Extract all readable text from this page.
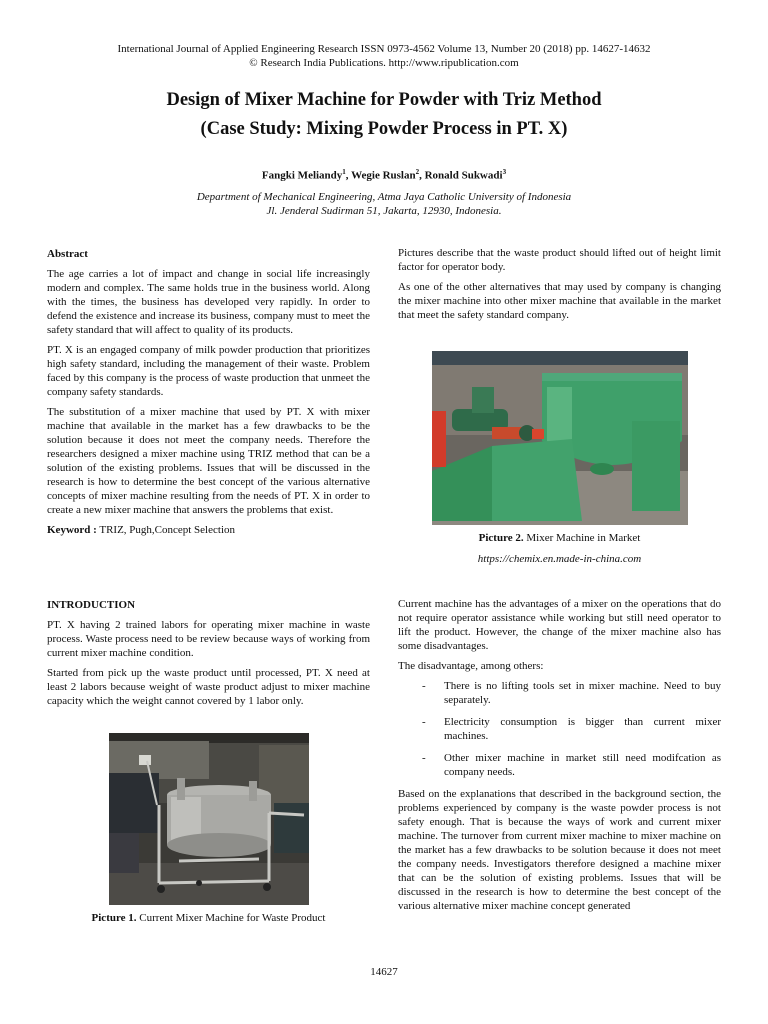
International Journal of Applied Engineering Research ISSN 0973-4562 Volume 13, Number 20 (2018) pp. 14627-14632
© Research India Publications. http://www.ripublication.com
Design of Mixer Machine for Powder with Triz Method
(Case Study: Mixing Powder Process in PT. X)
Fangki Meliandy$^1$, Wegie Ruslan$^2$, Ronald Sukwadi$^3$
Department of Mechanical Engineering, Atma Jaya Catholic University of Indonesia
Jl. Jenderal Sudirman 51, Jakarta, 12930, Indonesia.
Abstract

The age carries a lot of impact and change in social life increasingly modern and complex. The same holds true in the business world. Along with the times, the business has developed very rapidly. In order to defend the existence and increase its business, company must to meet the safety standard that will affect to quality of its products.

PT. X is an engaged company of milk powder production that prioritizes high safety standard, including the management of their waste. Problem faced by this company is the process of waste production that unmeet the company safety standards.

The substitution of a mixer machine that used by PT. X with mixer machine that available in the market has a few drawbacks to be the solution because it does not meet the company needs. Therefore the researchers designed a mixer machine using TRIZ method that can be a solution of the existing problems. Issues that will be discussed in the research is how to determine the best concept of the various alternative concepts of mixer machine resulting from the needs of PT. X in order to create a new mixer machine that answers the problems that exist.

Keyword : TRIZ, Pugh,Concept Selection

INTRODUCTION

PT. X having 2 trained labors for operating mixer machine in waste process. Waste process need to be review because ways of working from current mixer machine condition.

Started from pick up the waste product until processed, PT. X need at least 2 labors because weight of waste product adjust to mixer machine capacity which the weight cannot covered by 1 labor only.

Picture 1. Current Mixer Machine for Waste Product

Pictures describe that the waste product should lifted out of height limit factor for operator body.

As one of the other alternatives that may used by company is changing the mixer machine into other mixer machine that available in the market that meet the safety standard company.

Picture 2. Mixer Machine in Market
https://chemix.en.made-in-china.com

Current machine has the advantages of a mixer on the operations that do not require operator assistance while working but still need operator to lift the product. However, the change of the mixer machine also has some disadvantages.

The disadvantage, among others:

- There is no lifting tools set in mixer machine. Need to buy separately.
- Electricity consumption is bigger than current mixer machines.
- Other mixer machine in market still need modifcation as company needs.

Based on the explanations that described in the background section, the problems experienced by company is the waste powder process is not safety enough. That is because the ways of work and current mixer machine. The turnover from current mixer machine to mixer machine on the market has a few drawbacks to be solution because it does not meet the company needs. Investigators therefore designed a machine mixer that can be the solution of existing problems. Issues that will be discussed in the research is how to determine the best concept of the various alternative mixer machine concept generated

14627
